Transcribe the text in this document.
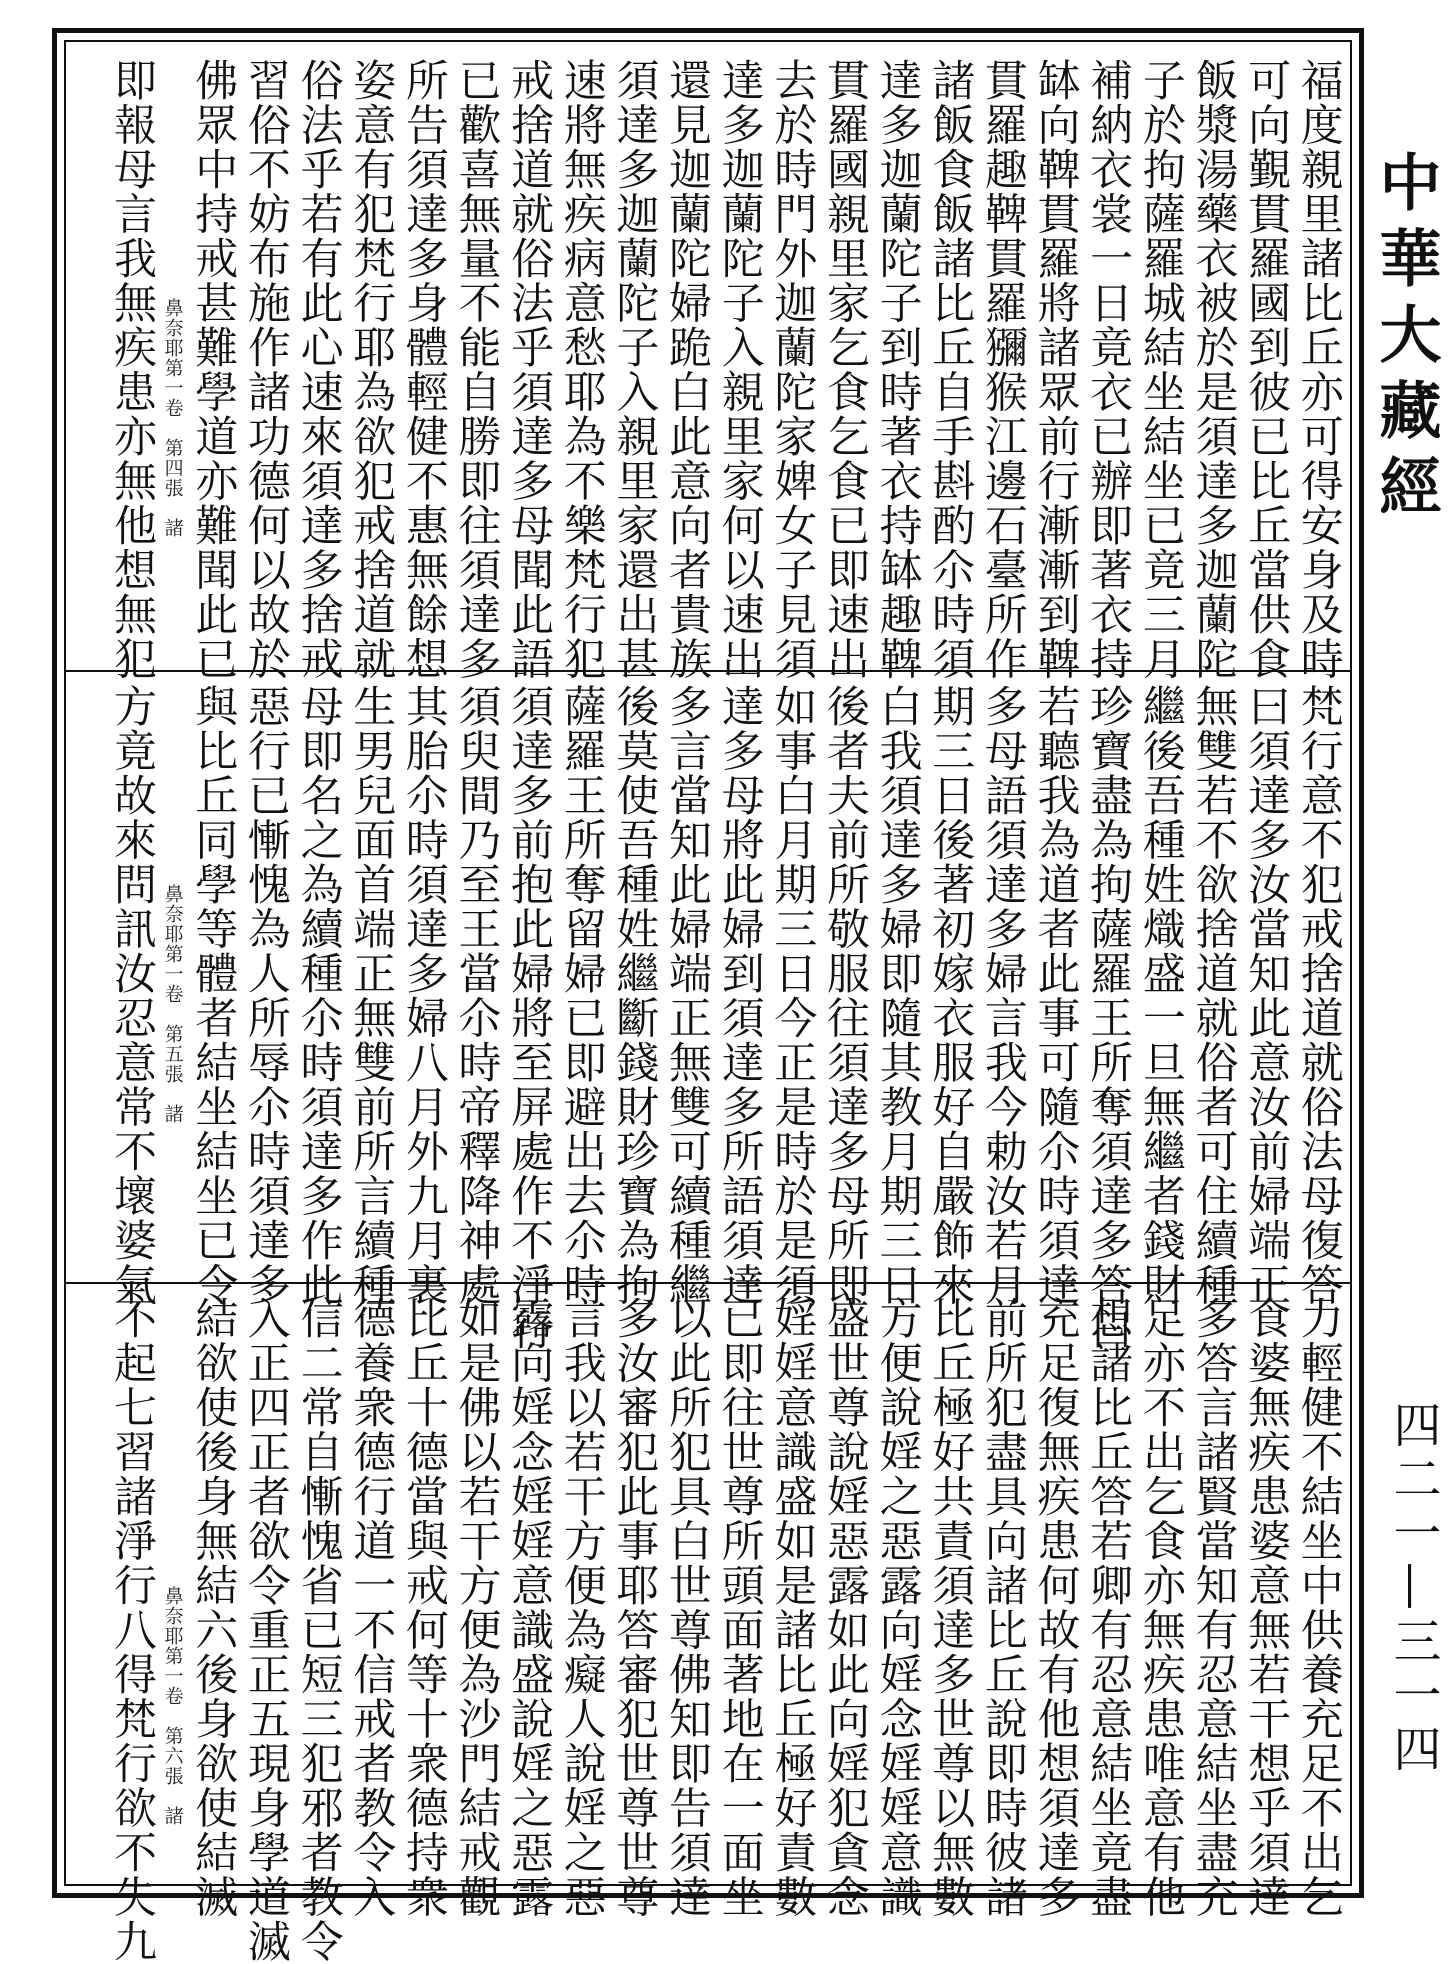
中華大藏經
四二一—三一四
福度親里諸比丘亦可得安身及時
可向覲貫羅國到彼已比丘當供食
飯漿湯藥衣被於是須達多迦蘭陀
子於拘薩羅城結坐結坐已竟三月
補納衣裳一日竟衣已辦即著衣持
缽向鞞貫羅將諸眾前行漸漸到鞞
貫羅趣鞞貫羅獼猴江邊石臺所作
諸飯食飯諸比丘自手斟酌尒時須
達多迦蘭陀子到時著衣持缽趣鞞
貫羅國親里家乞食乞食已即速出
去於時門外迦蘭陀家婢女子見須
達多迦蘭陀子入親里家何以速出
還見迦蘭陀婦跪白此意向者貴族
須達多迦蘭陀子入親里家還出甚
速將無疾病意愁耶為不樂梵行犯
戒捨道就俗法乎須達多母聞此語
已歡喜無量不能自勝即往須達多
所告須達多身體輕健不惠無餘想
姿意有犯梵行耶為欲犯戒捨道就
俗法乎若有此心速來須達多捨戒
習俗不妨布施作諸功德何以故於
佛眾中持戒甚難學道亦難聞此已
鼻奈耶第一卷　第四張　諸
即報母言我無疾患亦無他想無犯
梵行意不犯戒捨道就俗法母復答
曰須達多汝當知此意汝前婦端正
無雙若不欲捨道就俗者可住續種
繼後吾種姓熾盛一旦無繼者錢財
珍寶盡為拘薩羅王所奪須達多答曰
若聽我為道者此事可隨尒時須達
多母語須達多婦言我今勅汝若月
期三日後著初嫁衣服好自嚴飾來
白我須達多婦即隨其教月期三日
後者夫前所敬服往須達多母所即
如事白月期三日今正是時於是須
達多母將此婦到須達多所語須達
多言當知此婦端正無雙可續種繼
後莫使吾種姓繼斷錢財珍寶為拘
薩羅王所奪留婦已即避出去尒時
須達多前抱此婦將至屏處作不淨行
須臾間乃至王當尒時帝釋降神處
其胎尒時須達多婦八月外九月裏
生男兒面首端正無雙前所言續種
母即名之為續種尒時須達多作此
惡行已慚愧為人所辱尒時須達多
與比丘同學等體者結坐結坐已令
鼻奈耶第一卷　第五張　諸
方竟故來問訊汝忍意常不壞婆氣
力輕健不結坐中供養充足不出乞
食婆無疾患婆意無若干想乎須達
多答言諸賢當知有忍意結坐盡充
足亦不出乞食亦無疾患唯意有他
想諸比丘答若卿有忍意結坐竟盡
充足復無疾患何故有他想須達多
前所犯盡具向諸比丘說即時彼諸
比丘極好共責須達多世尊以無數
方便說婬之惡露向婬念婬婬意識
盛世尊說婬惡露如此向婬犯貪念
婬婬意識盛如是諸比丘極好責數
已即往世尊所頭面著地在一面坐
以此所犯具白世尊佛知即告須達
多汝審犯此事耶答審犯世尊世尊
言我以若干方便為癡人說婬之惡
露向婬念婬婬意識盛說婬之惡露
如是佛以若干方便為沙門結戒觀
比丘十德當與戒何等十衆德持衆
德養衆德行道一不信戒者教令入
信二常自慚愧省已短三犯邪者教令
入正四正者欲令重正五現身學道滅
結欲使後身無結六後身欲使結滅
鼻奈耶第一卷　第六張　諸
不起七習諸淨行八得梵行欲不失九
